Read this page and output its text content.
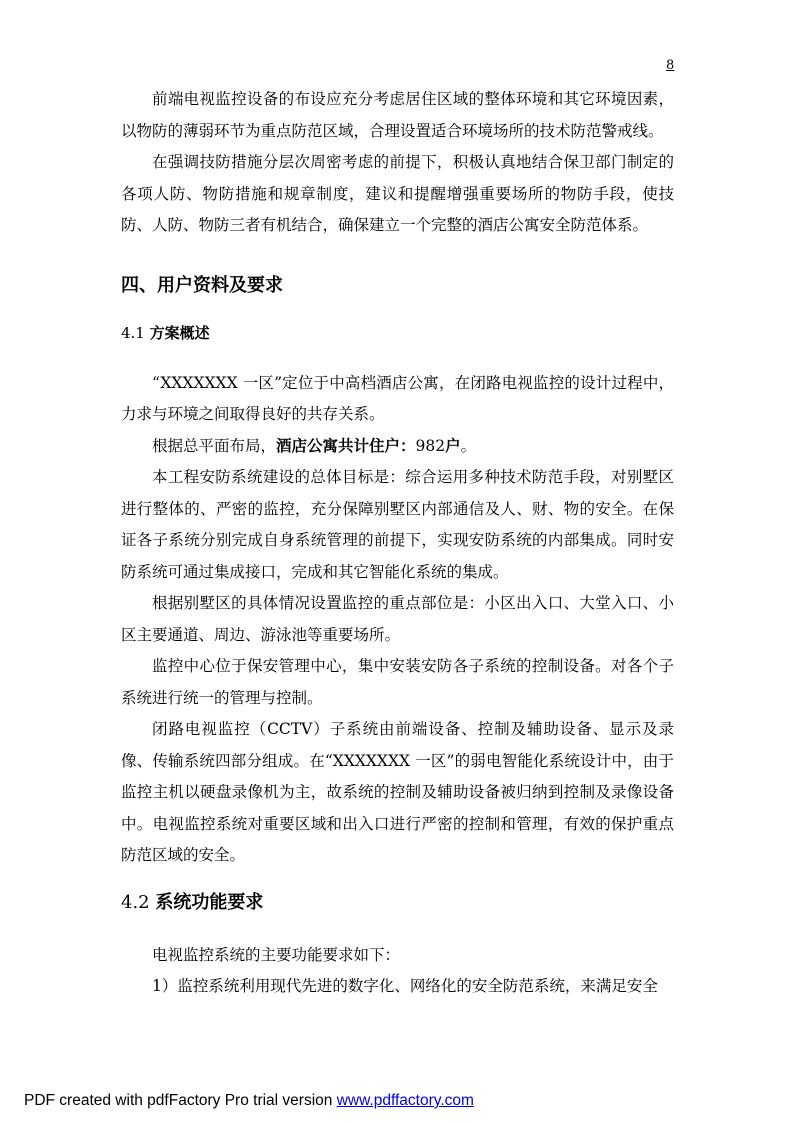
8

前端电视监控设备的布设应充分考虑居住区域的整体环境和其它环境因素，以物防的薄弱环节为重点防范区域，合理设置适合环境场所的技术防范警戒线。

在强调技防措施分层次周密考虑的前提下，积极认真地结合保卫部门制定的各项人防、物防措施和规章制度，建议和提醒增强重要场所的物防手段，使技防、人防、物防三者有机结合，确保建立一个完整的酒店公寓安全防范体系。

四、用户资料及要求
4.1 方案概述

“XXXXXXX 一区”定位于中高档酒店公寓，在闭路电视监控的设计过程中，力求与环境之间取得良好的共存关系。

根据总平面布局，酒店公寓共计住户：982户。

本工程安防系统建设的总体目标是：综合运用多种技术防范手段，对别墅区进行整体的、严密的监控，充分保障别墅区内部通信及人、财、物的安全。在保证各子系统分别完成自身系统管理的前提下，实现安防系统的内部集成。同时安防系统可通过集成接口，完成和其它智能化系统的集成。

根据别墅区的具体情况设置监控的重点部位是：小区出入口、大堂入口、小区主要通道、周边、游泳池等重要场所。

监控中心位于保安管理中心，集中安装安防各子系统的控制设备。对各个子系统进行统一的管理与控制。

闭路电视监控（CCTV）子系统由前端设备、控制及辅助设备、显示及录像、传输系统四部分组成。在“XXXXXXX 一区”的弱电智能化系统设计中，由于监控主机以硬盘录像机为主，故系统的控制及辅助设备被归纳到控制及录像设备中。电视监控系统对重要区域和出入口进行严密的控制和管理，有效的保护重点防范区域的安全。

4.2 系统功能要求

电视监控系统的主要功能要求如下：

1）监控系统利用现代先进的数字化、网络化的安全防范系统，来满足安全

PDF created with pdfFactory Pro trial version www.pdffactory.com
